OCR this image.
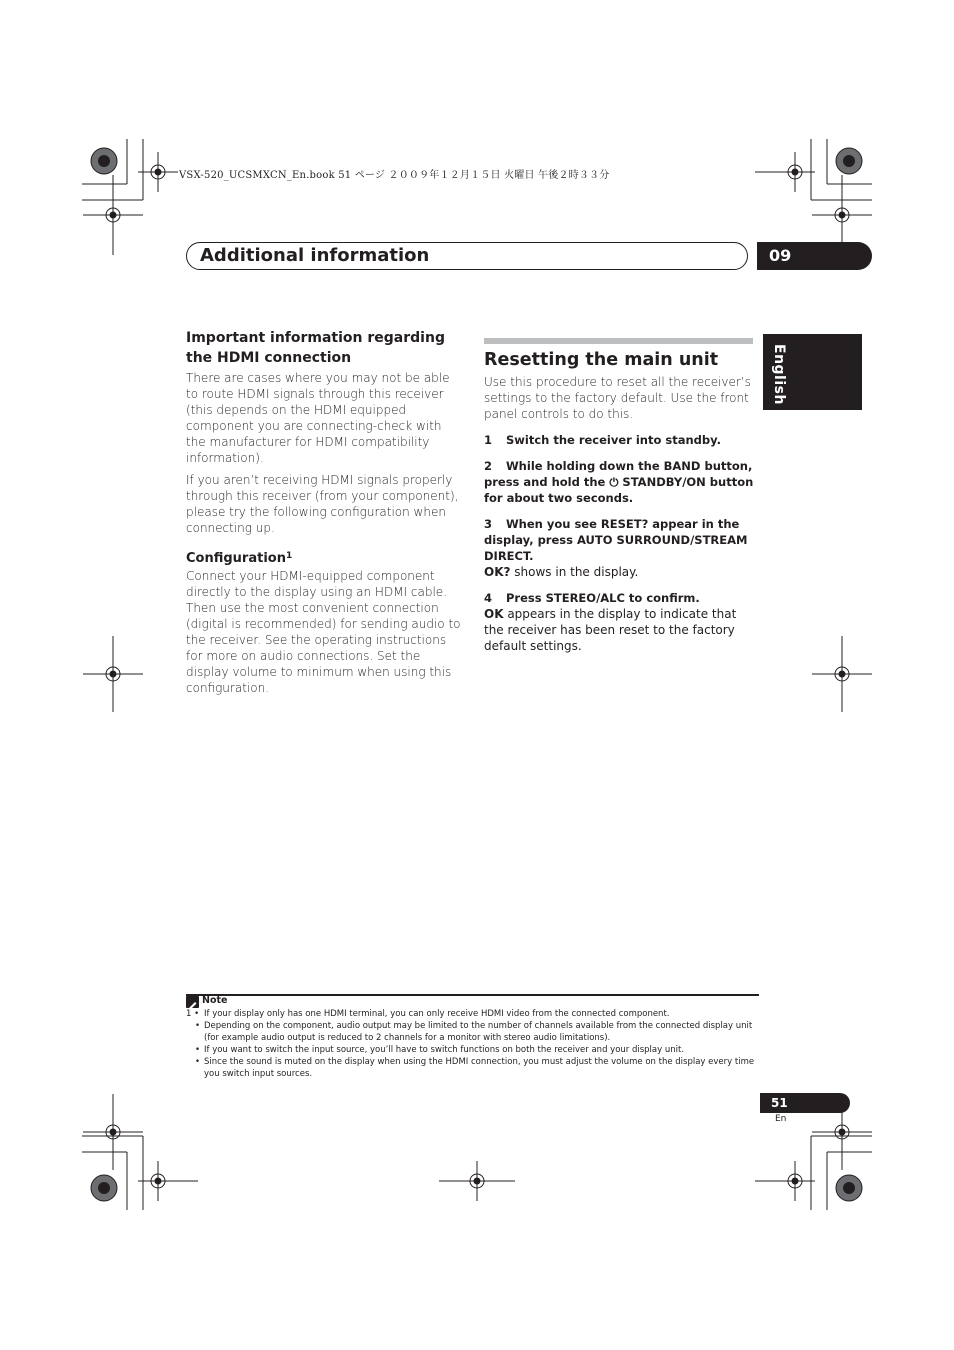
VSX-520_UCSMXCN_En.book 51 ページ ２００９年１２月１５日 火曜日 午後２時３３分
Additional information	09
English
Important information regarding the HDMI connection

There are cases where you may not be able to route HDMI signals through this receiver (this depends on the HDMI equipped component you are connecting-check with the manufacturer for HDMI compatibility information).

If you aren’t receiving HDMI signals properly through this receiver (from your component), please try the following configuration when connecting up.

Configuration$^1$

Connect your HDMI-equipped component directly to the display using an HDMI cable. Then use the most convenient connection (digital is recommended) for sending audio to the receiver. See the operating instructions for more on audio connections. Set the display volume to minimum when using this configuration.

Resetting the main unit

Use this procedure to reset all the receiver’s settings to the factory default. Use the front panel controls to do this.

1 Switch the receiver into standby.
2 While holding down the BAND button, press and hold the ⏻ STANDBY/ON button for about two seconds.
3 When you see RESET? appear in the display, press AUTO SURROUND/STREAM DIRECT.

OK? shows in the display.

4 Press STEREO/ALC to confirm.

OK appears in the display to indicate that the receiver has been reset to the factory default settings.

Note
1 • If your display only has one HDMI terminal, you can only receive HDMI video from the connected component.
• Depending on the component, audio output may be limited to the number of channels available from the connected display unit (for example audio output is reduced to 2 channels for a monitor with stereo audio limitations).
• If you want to switch the input source, you’ll have to switch functions on both the receiver and your display unit.
• Since the sound is muted on the display when using the HDMI connection, you must adjust the volume on the display every time you switch input sources.
51
En
